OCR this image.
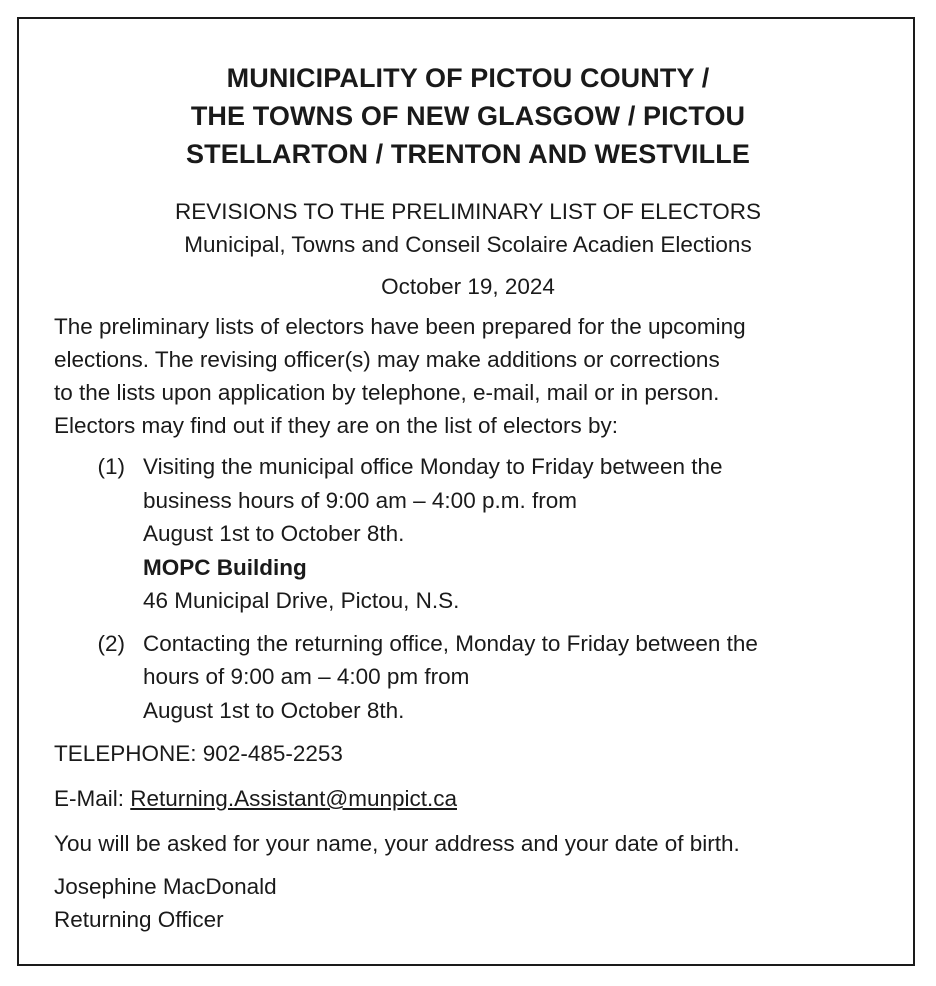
MUNICIPALITY OF PICTOU COUNTY /
THE TOWNS OF NEW GLASGOW / PICTOU
STELLARTON / TRENTON AND WESTVILLE
REVISIONS TO THE PRELIMINARY LIST OF ELECTORS
Municipal, Towns and Conseil Scolaire Acadien Elections
October 19, 2024
The preliminary lists of electors have been prepared for the upcoming
elections. The revising officer(s) may make additions or corrections
to the lists upon application by telephone, e-mail, mail or in person.
Electors may find out if they are on the list of electors by:
(1) Visiting the municipal office Monday to Friday between the
business hours of 9:00 am – 4:00 p.m. from
August 1st to October 8th.
MOPC Building
46 Municipal Drive, Pictou, N.S.
(2) Contacting the returning office, Monday to Friday between the
hours of 9:00 am – 4:00 pm from
August 1st to October 8th.
TELEPHONE: 902-485-2253
E-Mail: Returning.Assistant@munpict.ca
You will be asked for your name, your address and your date of birth.
Josephine MacDonald
Returning Officer
